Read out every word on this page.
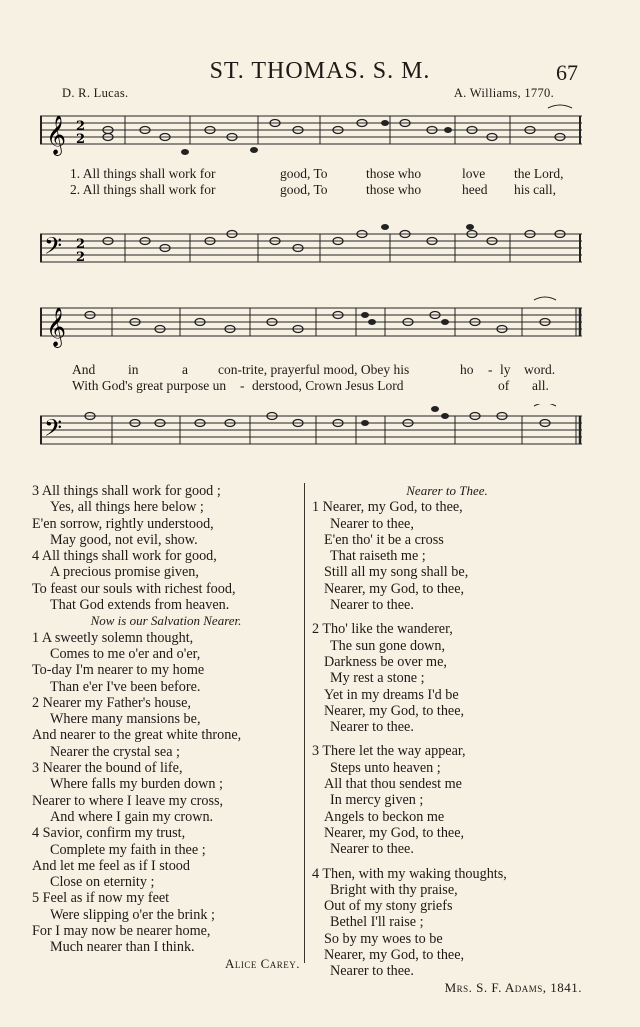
ST. THOMAS. S. M.	67
D. R. Lucas.	A. Williams, 1770.
𝄞 2
2
1. All things shall work for	good, To	those who	love the Lord,
2. All things shall work for	good, To	those who	heed his call,
𝄢 2
2
𝄞
And in	a con-trite, prayerful mood, Obey his	ho - ly word.
With God's great purpose un - derstood, Crown Jesus Lord	of all.
𝄢
3 All things shall work for good ;
Yes, all things here below ;
E'en sorrow, rightly understood,
May good, not evil, show.
4 All things shall work for good,
A precious promise given,
To feast our souls with richest food,
That God extends from heaven.
Now is our Salvation Nearer.
1 A sweetly solemn thought,
Comes to me o'er and o'er,
To-day I'm nearer to my home
Than e'er I've been before.
2 Nearer my Father's house,
Where many mansions be,
And nearer to the great white throne,
Nearer the crystal sea ;
3 Nearer the bound of life,
Where falls my burden down ;
Nearer to where I leave my cross,
And where I gain my crown.
4 Savior, confirm my trust,
Complete my faith in thee ;
And let me feel as if I stood
Close on eternity ;
5 Feel as if now my feet
Were slipping o'er the brink ;
For I may now be nearer home,
Much nearer than I think.
Alice Carey.
Nearer to Thee.
1 Nearer, my God, to thee,
Nearer to thee,
E'en tho' it be a cross
That raiseth me ;
Still all my song shall be,
Nearer, my God, to thee,
Nearer to thee.
2 Tho' like the wanderer,
The sun gone down,
Darkness be over me,
My rest a stone ;
Yet in my dreams I'd be
Nearer, my God, to thee,
Nearer to thee.
3 There let the way appear,
Steps unto heaven ;
All that thou sendest me
In mercy given ;
Angels to beckon me
Nearer, my God, to thee,
Nearer to thee.
4 Then, with my waking thoughts,
Bright with thy praise,
Out of my stony griefs
Bethel I'll raise ;
So by my woes to be
Nearer, my God, to thee,
Nearer to thee.
Mrs. S. F. Adams, 1841.
